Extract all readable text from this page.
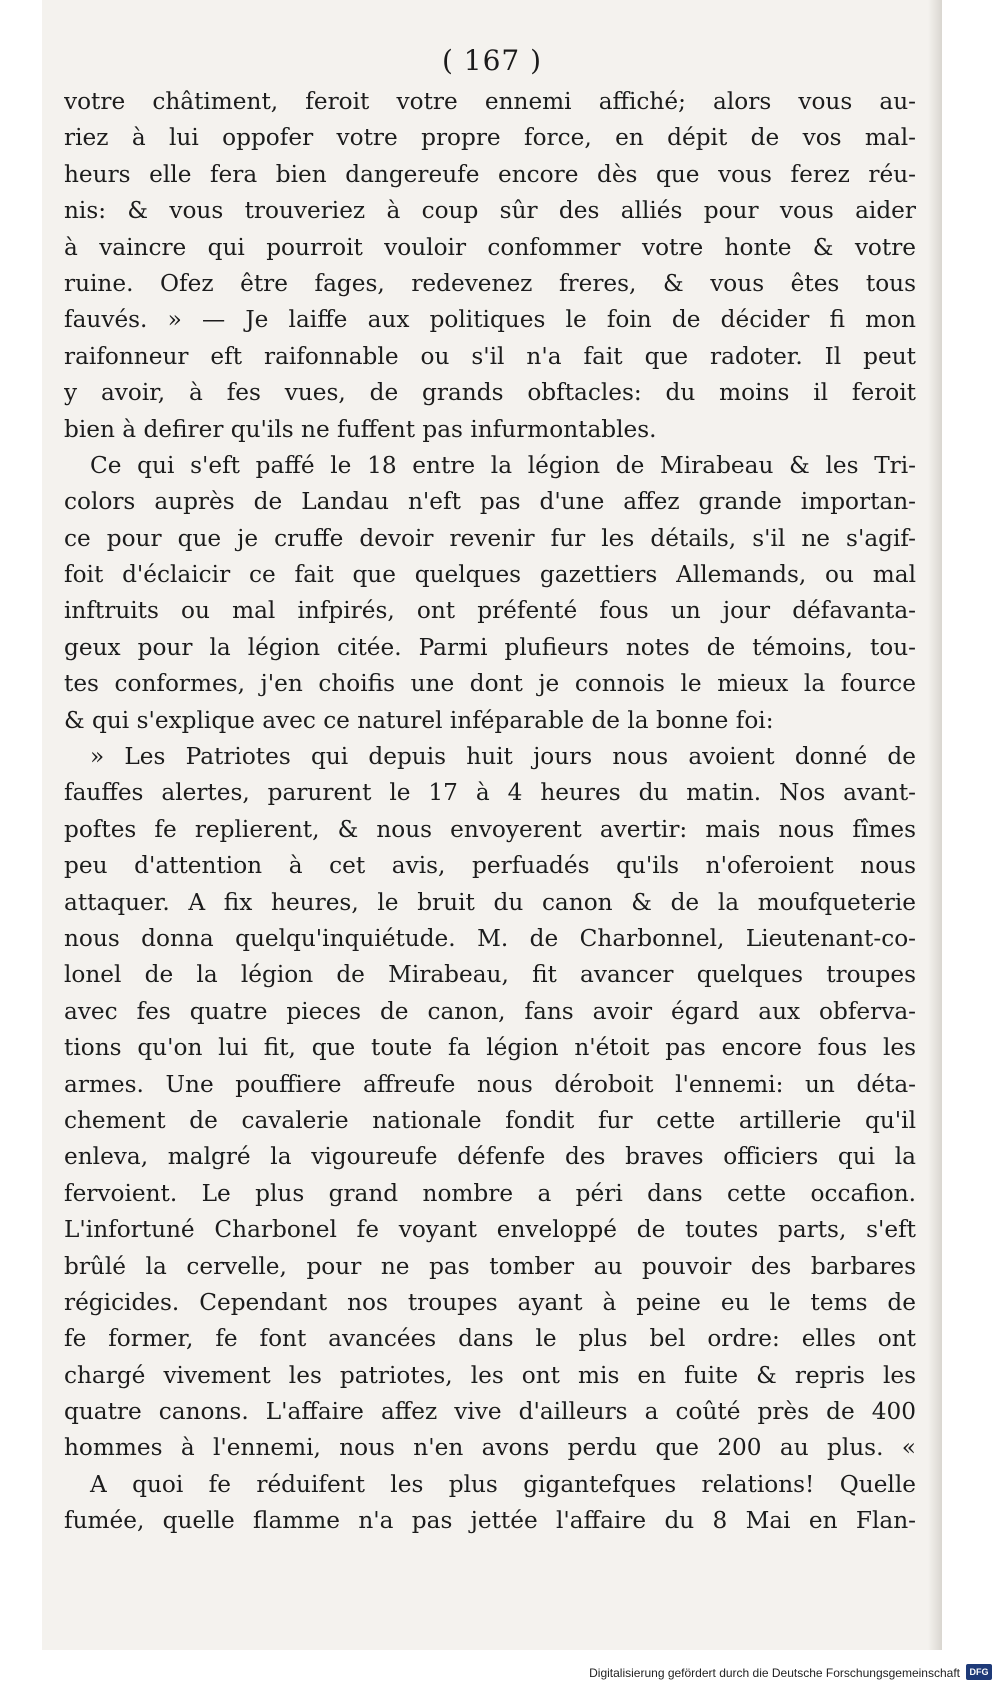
( 167 )
votre châtiment, feroit votre ennemi affiché; alors vous au-
riez à lui oppofer votre propre force, en dépit de vos mal-
heurs elle fera bien dangereufe encore dès que vous ferez réu-
nis: & vous trouveriez à coup sûr des alliés pour vous aider
à vaincre qui pourroit vouloir confommer votre honte & votre
ruine. Ofez être fages, redevenez freres, & vous êtes tous
fauvés. » — Je laiffe aux politiques le foin de décider fi mon
raifonneur eft raifonnable ou s'il n'a fait que radoter. Il peut
y avoir, à fes vues, de grands obftacles: du moins il feroit
bien à defirer qu'ils ne fuffent pas infurmontables.
Ce qui s'eft paffé le 18 entre la légion de Mirabeau & les Tri-
colors auprès de Landau n'eft pas d'une affez grande importan-
ce pour que je cruffe devoir revenir fur les détails, s'il ne s'agif-
foit d'éclaicir ce fait que quelques gazettiers Allemands, ou mal
inftruits ou mal infpirés, ont préfenté fous un jour défavanta-
geux pour la légion citée. Parmi plufieurs notes de témoins, tou-
tes conformes, j'en choifis une dont je connois le mieux la fource
& qui s'explique avec ce naturel inféparable de la bonne foi:
» Les Patriotes qui depuis huit jours nous avoient donné de
fauffes alertes, parurent le 17 à 4 heures du matin. Nos avant-
poftes fe replierent, & nous envoyerent avertir: mais nous fîmes
peu d'attention à cet avis, perfuadés qu'ils n'oferoient nous
attaquer. A fix heures, le bruit du canon & de la moufqueterie
nous donna quelqu'inquiétude. M. de Charbonnel, Lieutenant-co-
lonel de la légion de Mirabeau, fit avancer quelques troupes
avec fes quatre pieces de canon, fans avoir égard aux obferva-
tions qu'on lui fit, que toute fa légion n'étoit pas encore fous les
armes. Une pouffiere affreufe nous déroboit l'ennemi: un déta-
chement de cavalerie nationale fondit fur cette artillerie qu'il
enleva, malgré la vigoureufe défenfe des braves officiers qui la
fervoient. Le plus grand nombre a péri dans cette occafion.
L'infortuné Charbonel fe voyant enveloppé de toutes parts, s'eft
brûlé la cervelle, pour ne pas tomber au pouvoir des barbares
régicides. Cependant nos troupes ayant à peine eu le tems de
fe former, fe font avancées dans le plus bel ordre: elles ont
chargé vivement les patriotes, les ont mis en fuite & repris les
quatre canons. L'affaire affez vive d'ailleurs a coûté près de 400
hommes à l'ennemi, nous n'en avons perdu que 200 au plus. «
A quoi fe réduifent les plus gigantefques relations! Quelle
fumée, quelle flamme n'a pas jettée l'affaire du 8 Mai en Flan-
Digitalisierung gefördert durch die Deutsche Forschungsgemeinschaft	DFG
